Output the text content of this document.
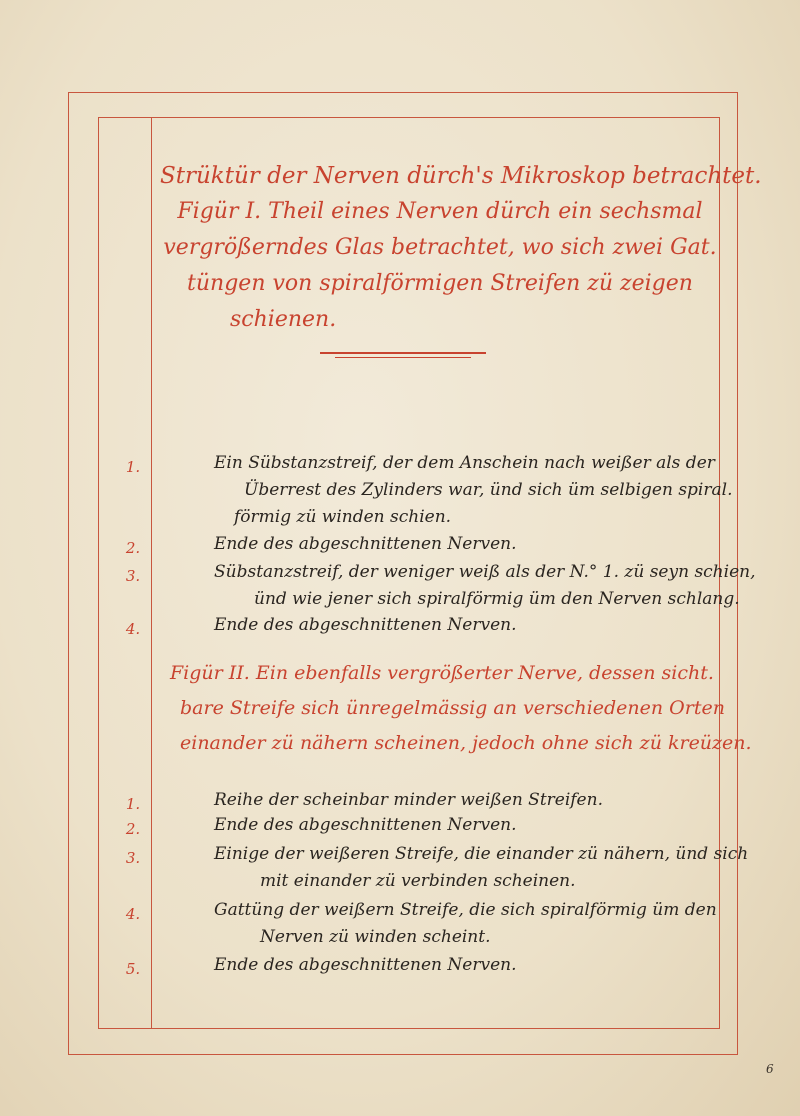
Strüktür der Nerven dürch's Mikroskop betrachtet.
Figür I. Theil eines Nerven dürch ein sechsmal
vergrößerndes Glas betrachtet, wo sich zwei Gat.
tüngen von spiralförmigen Streifen zü zeigen
schienen.
1.	Ein Sübstanzstreif, der dem Anschein nach weißer als der
Überrest des Zylinders war, ünd sich üm selbigen spiral.
förmig zü winden schien.
2.	Ende des abgeschnittenen Nerven.
3.	Sübstanzstreif, der weniger weiß als der N.° 1. zü seyn schien,
ünd wie jener sich spiralförmig üm den Nerven schlang.
4.	Ende des abgeschnittenen Nerven.
Figür II. Ein ebenfalls vergrößerter Nerve, dessen sicht.
bare Streife sich ünregelmässig an verschiedenen Orten
einander zü nähern scheinen, jedoch ohne sich zü kreüzen.
1.	Reihe der scheinbar minder weißen Streifen.
2.	Ende des abgeschnittenen Nerven.
3.	Einige der weißeren Streife, die einander zü nähern, ünd sich
mit einander zü verbinden scheinen.
4.	Gattüng der weißern Streife, die sich spiralförmig üm den
Nerven zü winden scheint.
5.	Ende des abgeschnittenen Nerven.
6
